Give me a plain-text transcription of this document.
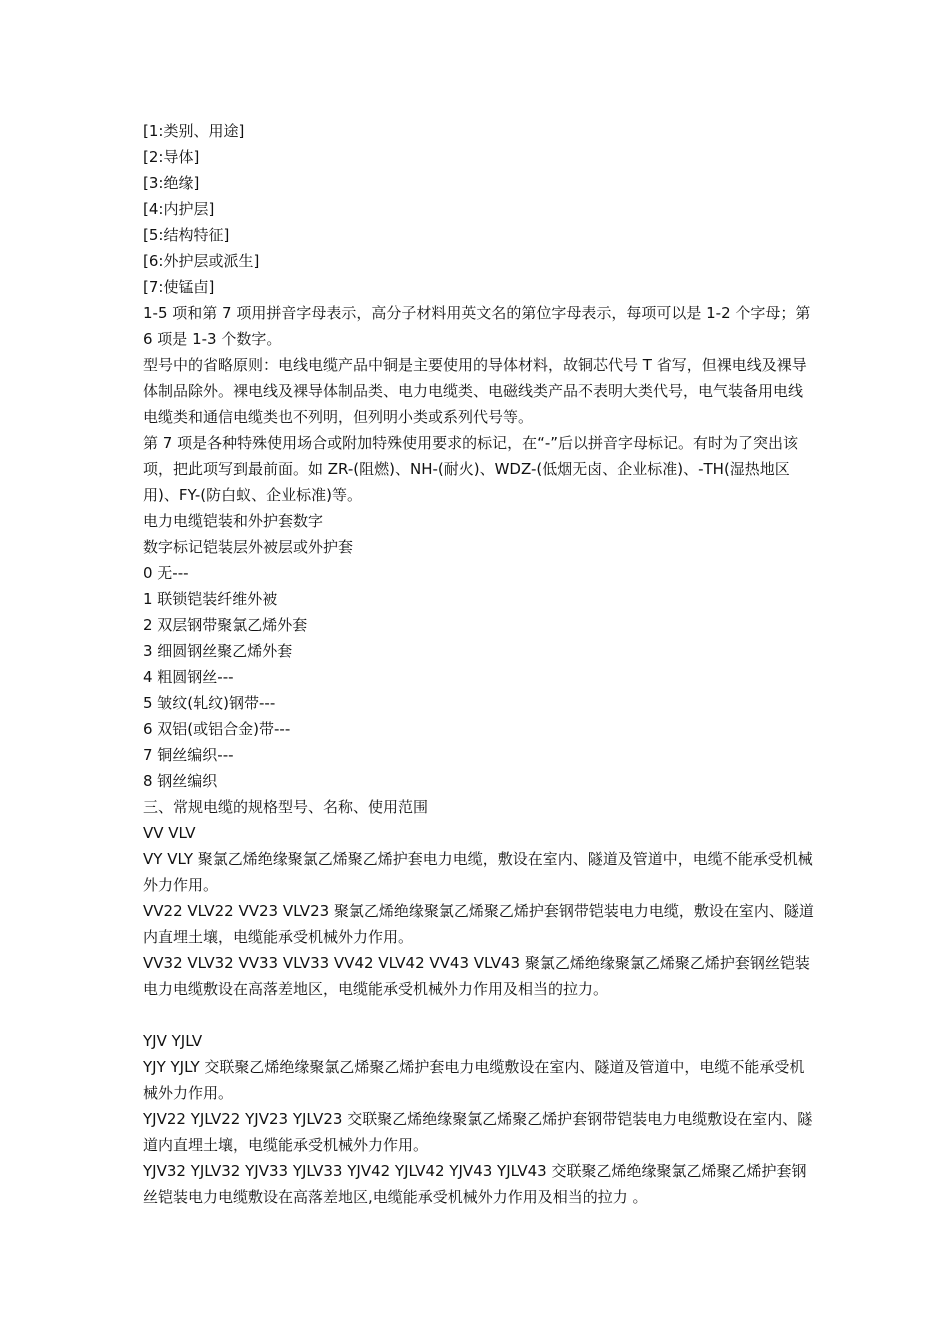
[1:类别、用途]

[2:导体]

[3:绝缘]

[4:内护层]

[5:结构特征]

[6:外护层或派生]

[7:使锰卣]

1-5 项和第 7 项用拼音字母表示，高分子材料用英文名的第位字母表示，每项可以是 1-2 个字母；第 6 项是 1-3 个数字。

型号中的省略原则：电线电缆产品中铜是主要使用的导体材料，故铜芯代号 T 省写，但裸电线及裸导体制品除外。裸电线及裸导体制品类、电力电缆类、电磁线类产品不表明大类代号，电气装备用电线电缆类和通信电缆类也不列明，但列明小类或系列代号等。

第 7 项是各种特殊使用场合或附加特殊使用要求的标记，在“-”后以拼音字母标记。有时为了突出该项，把此项写到最前面。如 ZR-(阻燃)、NH-(耐火)、WDZ-(低烟无卤、企业标准)、-TH(湿热地区用)、FY-(防白蚁、企业标准)等。

电力电缆铠装和外护套数字

数字标记铠装层外被层或外护套

0 无---

1 联锁铠装纤维外被

2 双层钢带聚氯乙烯外套

3 细圆钢丝聚乙烯外套

4 粗圆钢丝---

5 皱纹(轧纹)钢带---

6 双铝(或铝合金)带---

7 铜丝编织---

8 钢丝编织

三、常规电缆的规格型号、名称、使用范围

VV VLV

VY VLY 聚氯乙烯绝缘聚氯乙烯聚乙烯护套电力电缆，敷设在室内、隧道及管道中，电缆不能承受机械外力作用。

VV22 VLV22 VV23 VLV23 聚氯乙烯绝缘聚氯乙烯聚乙烯护套钢带铠装电力电缆，敷设在室内、隧道内直埋土壤，电缆能承受机械外力作用。

VV32 VLV32 VV33 VLV33 VV42 VLV42 VV43 VLV43 聚氯乙烯绝缘聚氯乙烯聚乙烯护套钢丝铠装电力电缆敷设在高落差地区，电缆能承受机械外力作用及相当的拉力。

YJV YJLV

YJY YJLY 交联聚乙烯绝缘聚氯乙烯聚乙烯护套电力电缆敷设在室内、隧道及管道中，电缆不能承受机械外力作用。

YJV22 YJLV22 YJV23 YJLV23 交联聚乙烯绝缘聚氯乙烯聚乙烯护套钢带铠装电力电缆敷设在室内、隧道内直埋土壤，电缆能承受机械外力作用。

YJV32 YJLV32 YJV33 YJLV33 YJV42 YJLV42 YJV43 YJLV43 交联聚乙烯绝缘聚氯乙烯聚乙烯护套钢丝铠装电力电缆敷设在高落差地区,电缆能承受机械外力作用及相当的拉力 。
